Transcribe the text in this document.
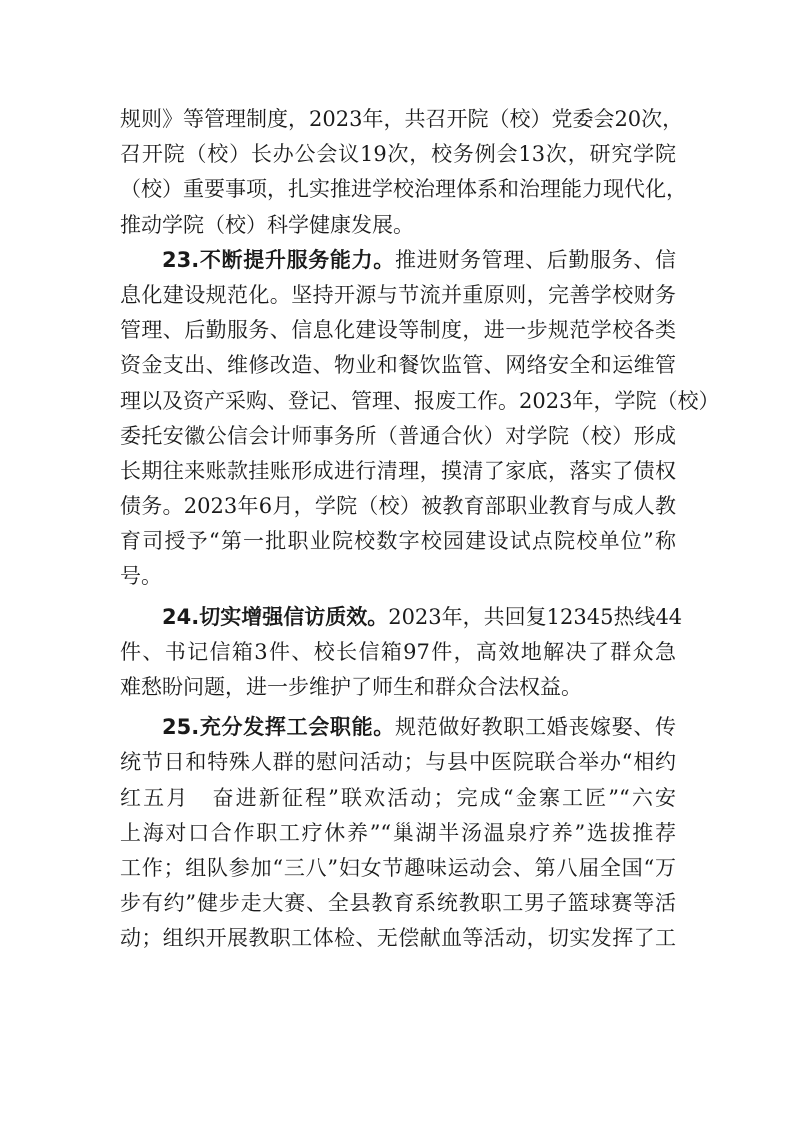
规则》等管理制度，2023年，共召开院（校）党委会20次，
召开院（校）长办公会议19次，校务例会13次，研究学院
（校）重要事项，扎实推进学校治理体系和治理能力现代化，
推动学院（校）科学健康发展。
23.不断提升服务能力。推进财务管理、后勤服务、信
息化建设规范化。坚持开源与节流并重原则，完善学校财务
管理、后勤服务、信息化建设等制度，进一步规范学校各类
资金支出、维修改造、物业和餐饮监管、网络安全和运维管
理以及资产采购、登记、管理、报废工作。2023年，学院（校）
委托安徽公信会计师事务所（普通合伙）对学院（校）形成
长期往来账款挂账形成进行清理，摸清了家底，落实了债权
债务。2023年6月，学院（校）被教育部职业教育与成人教
育司授予“第一批职业院校数字校园建设试点院校单位”称
号。
24.切实增强信访质效。2023年，共回复12345热线44
件、书记信箱3件、校长信箱97件，高效地解决了群众急
难愁盼问题，进一步维护了师生和群众合法权益。
25.充分发挥工会职能。规范做好教职工婚丧嫁娶、传
统节日和特殊人群的慰问活动；与县中医院联合举办“相约
红五月　奋进新征程”联欢活动；完成“金寨工匠”“六安
上海对口合作职工疗休养”“巢湖半汤温泉疗养”选拔推荐
工作；组队参加“三八”妇女节趣味运动会、第八届全国“万
步有约”健步走大赛、全县教育系统教职工男子篮球赛等活
动；组织开展教职工体检、无偿献血等活动，切实发挥了工
